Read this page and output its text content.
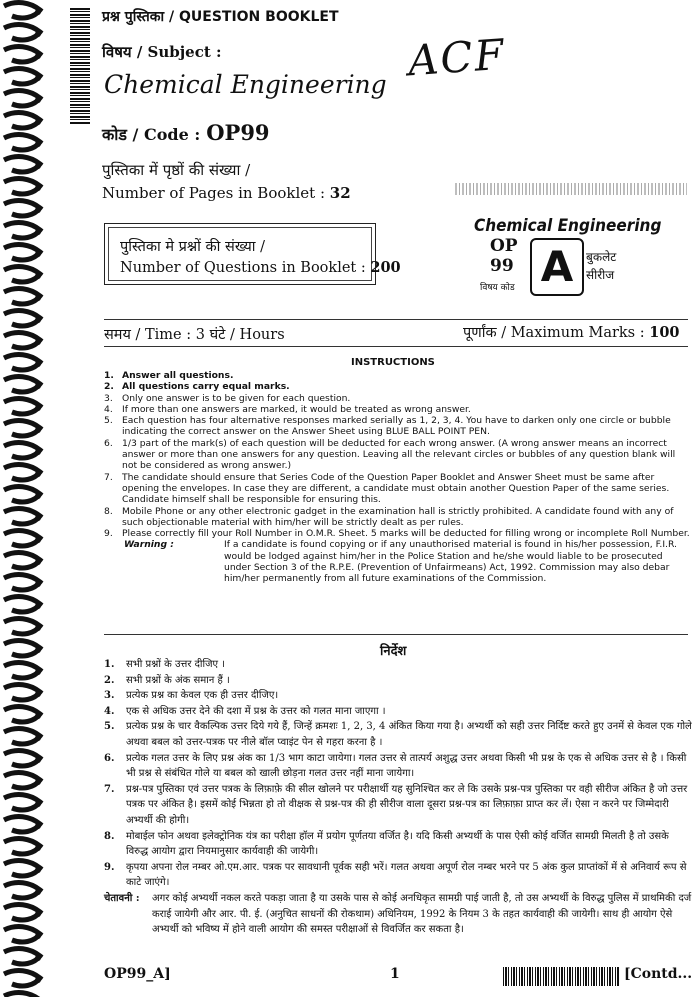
प्रश्न पुस्तिका / QUESTION BOOKLET
विषय / Subject :
Chemical Engineering ACF
कोड / Code : OP99
पुस्तिका में पृष्ठों की संख्या /
Number of Pages in Booklet : 32
पुस्तिका मे प्रश्नों की संख्या /
Number of Questions in Booklet : 200
Chemical Engineering
OP
99
विषय कोड A	बुकलेट
सीरीज
समय / Time : 3 घंटे / Hours	पूर्णांक / Maximum Marks : 100
INSTRUCTIONS
1. Answer all questions.
2. All questions carry equal marks.
3. Only one answer is to be given for each question.
4. If more than one answers are marked, it would be treated as wrong answer.
5. Each question has four alternative responses marked serially as 1, 2, 3, 4. You have to darken only one circle or bubble indicating the correct answer on the Answer Sheet using BLUE BALL POINT PEN.
6. 1/3 part of the mark(s) of each question will be deducted for each wrong answer. (A wrong answer means an incorrect answer or more than one answers for any question. Leaving all the relevant circles or bubbles of any question blank will not be considered as wrong answer.)
7. The candidate should ensure that Series Code of the Question Paper Booklet and Answer Sheet must be same after opening the envelopes. In case they are different, a candidate must obtain another Question Paper of the same series. Candidate himself shall be responsible for ensuring this.
8. Mobile Phone or any other electronic gadget in the examination hall is strictly prohibited. A candidate found with any of such objectionable material with him/her will be strictly dealt as per rules.
9. Please correctly fill your Roll Number in O.M.R. Sheet. 5 marks will be deducted for filling wrong or incomplete Roll Number.
Warning :	If a candidate is found copying or if any unauthorised material is found in his/her possession, F.I.R. would be lodged against him/her in the Police Station and he/she would liable to be prosecuted under Section 3 of the R.P.E. (Prevention of Unfairmeans) Act, 1992. Commission may also debar him/her permanently from all future examinations of the Commission.
निर्देश
1. सभी प्रश्नों के उत्तर दीजिए ।
2. सभी प्रश्नों के अंक समान हैं ।
3. प्रत्येक प्रश्न का केवल एक ही उत्तर दीजिए।
4. एक से अधिक उत्तर देने की दशा में प्रश्न के उत्तर को गलत माना जाएगा ।
5. प्रत्येक प्रश्न के चार वैकल्पिक उत्तर दिये गये हैं, जिन्हें क्रमशः 1, 2, 3, 4 अंकित किया गया है। अभ्यर्थी को सही उत्तर निर्दिष्ट करते हुए उनमें से केवल एक गोले अथवा बबल को उत्तर-पत्रक पर नीले बॉल प्वाइंट पेन से गहरा करना है ।
6. प्रत्येक गलत उत्तर के लिए प्रश्न अंक का 1/3 भाग काटा जायेगा। गलत उत्तर से तात्पर्य अशुद्ध उत्तर अथवा किसी भी प्रश्न के एक से अधिक उत्तर से है । किसी भी प्रश्न से संबंधित गोले या बबल को खाली छोड़ना गलत उत्तर नहीं माना जायेगा।
7. प्रश्न-पत्र पुस्तिका एवं उत्तर पत्रक के लिफ़ाफ़े की सील खोलने पर परीक्षार्थी यह सुनिश्चित कर ले कि उसके प्रश्न-पत्र पुस्तिका पर वही सीरीज अंकित है जो उत्तर पत्रक पर अंकित है। इसमें कोई भिन्नता हो तो वीक्षक से प्रश्न-पत्र की ही सीरीज वाला दूसरा प्रश्न-पत्र का लिफ़ाफ़ा प्राप्त कर लें। ऐसा न करने पर जिम्मेदारी अभ्यर्थी की होगी।
8. मोबाईल फोन अथवा इलेक्ट्रोनिक यंत्र का परीक्षा हॉल में प्रयोग पूर्णतया वर्जित है। यदि किसी अभ्यर्थी के पास ऐसी कोई वर्जित सामग्री मिलती है तो उसके विरुद्ध आयोग द्वारा नियमानुसार कार्यवाही की जायेगी।
9. कृपया अपना रोल नम्बर ओ.एम.आर. पत्रक पर सावधानी पूर्वक सही भरें। गलत अथवा अपूर्ण रोल नम्बर भरने पर 5 अंक कुल प्राप्तांकों में से अनिवार्य रूप से काटे जाएंगे।
चेतावनी : अगर कोई अभ्यर्थी नकल करते पकड़ा जाता है या उसके पास से कोई अनधिकृत सामग्री पाई जाती है, तो उस अभ्यर्थी के विरुद्ध पुलिस में प्राथमिकी दर्ज कराई जायेगी और आर. पी. ई. (अनुचित साधनों की रोकथाम) अधिनियम, 1992 के नियम 3 के तहत कार्यवाही की जायेगी। साथ ही आयोग ऐसे अभ्यर्थी को भविष्य में होने वाली आयोग की समस्त परीक्षाओं से विवर्जित कर सकता है।
OP99_A]	1	[Contd...
